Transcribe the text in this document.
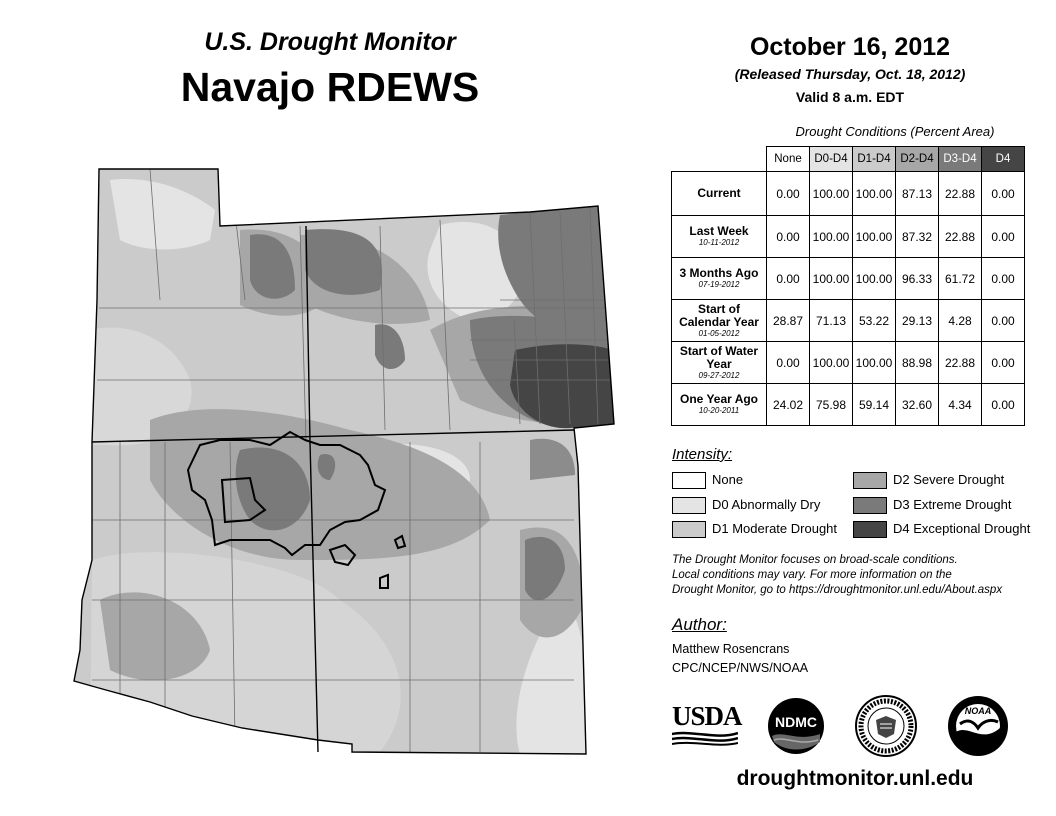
U.S. Drought Monitor
Navajo RDEWS
October 16, 2012
(Released Thursday, Oct. 18, 2012)
Valid 8 a.m. EDT
Drought Conditions (Percent Area)
	None	D0-D4	D1-D4	D2-D4	D3-D4	D4
Current	0.00	100.00	100.00	87.13	22.88	0.00
Last Week
10-11-2012	0.00	100.00	100.00	87.32	22.88	0.00
3 Months Ago
07-19-2012	0.00	100.00	100.00	96.33	61.72	0.00
Start of Calendar Year
01-05-2012	28.87	71.13	53.22	29.13	4.28	0.00
Start of Water Year
09-27-2012	0.00	100.00	100.00	88.98	22.88	0.00
One Year Ago
10-20-2011	24.02	75.98	59.14	32.60	4.34	0.00
Intensity:
None
D0 Abnormally Dry
D1 Moderate Drought
D2 Severe Drought
D3 Extreme Drought
D4 Exceptional Drought
The Drought Monitor focuses on broad-scale conditions.
Local conditions may vary. For more information on the
Drought Monitor, go to https://droughtmonitor.unl.edu/About.aspx
Author:
Matthew Rosencrans
CPC/NCEP/NWS/NOAA
USDA	NDMC
NOAA
droughtmonitor.unl.edu
